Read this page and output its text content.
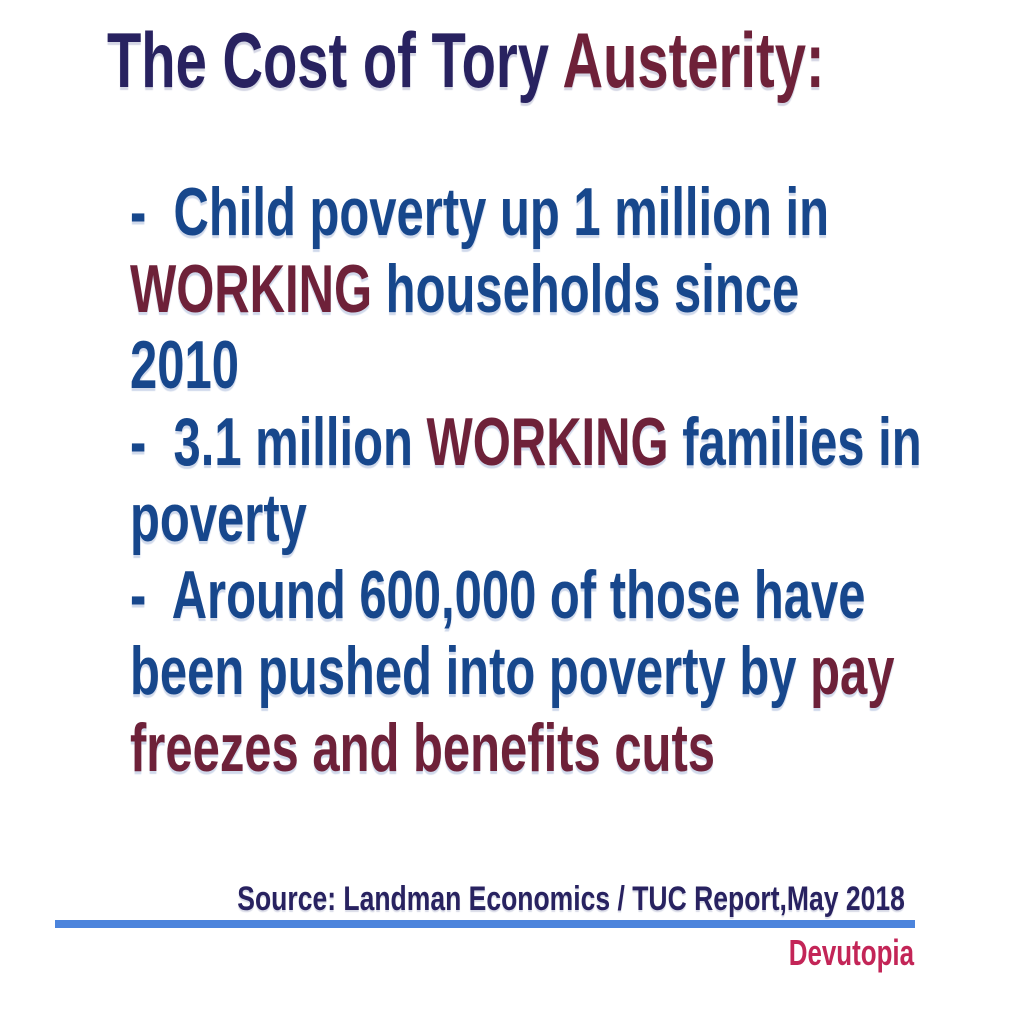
The Cost of Tory Austerity:
-  Child poverty up 1 million in
WORKING households since
2010
-  3.1 million WORKING families in
poverty
-  Around 600,000 of those have
been pushed into poverty by pay
freezes and benefits cuts
Source: Landman Economics / TUC Report,May 2018
Devutopia
